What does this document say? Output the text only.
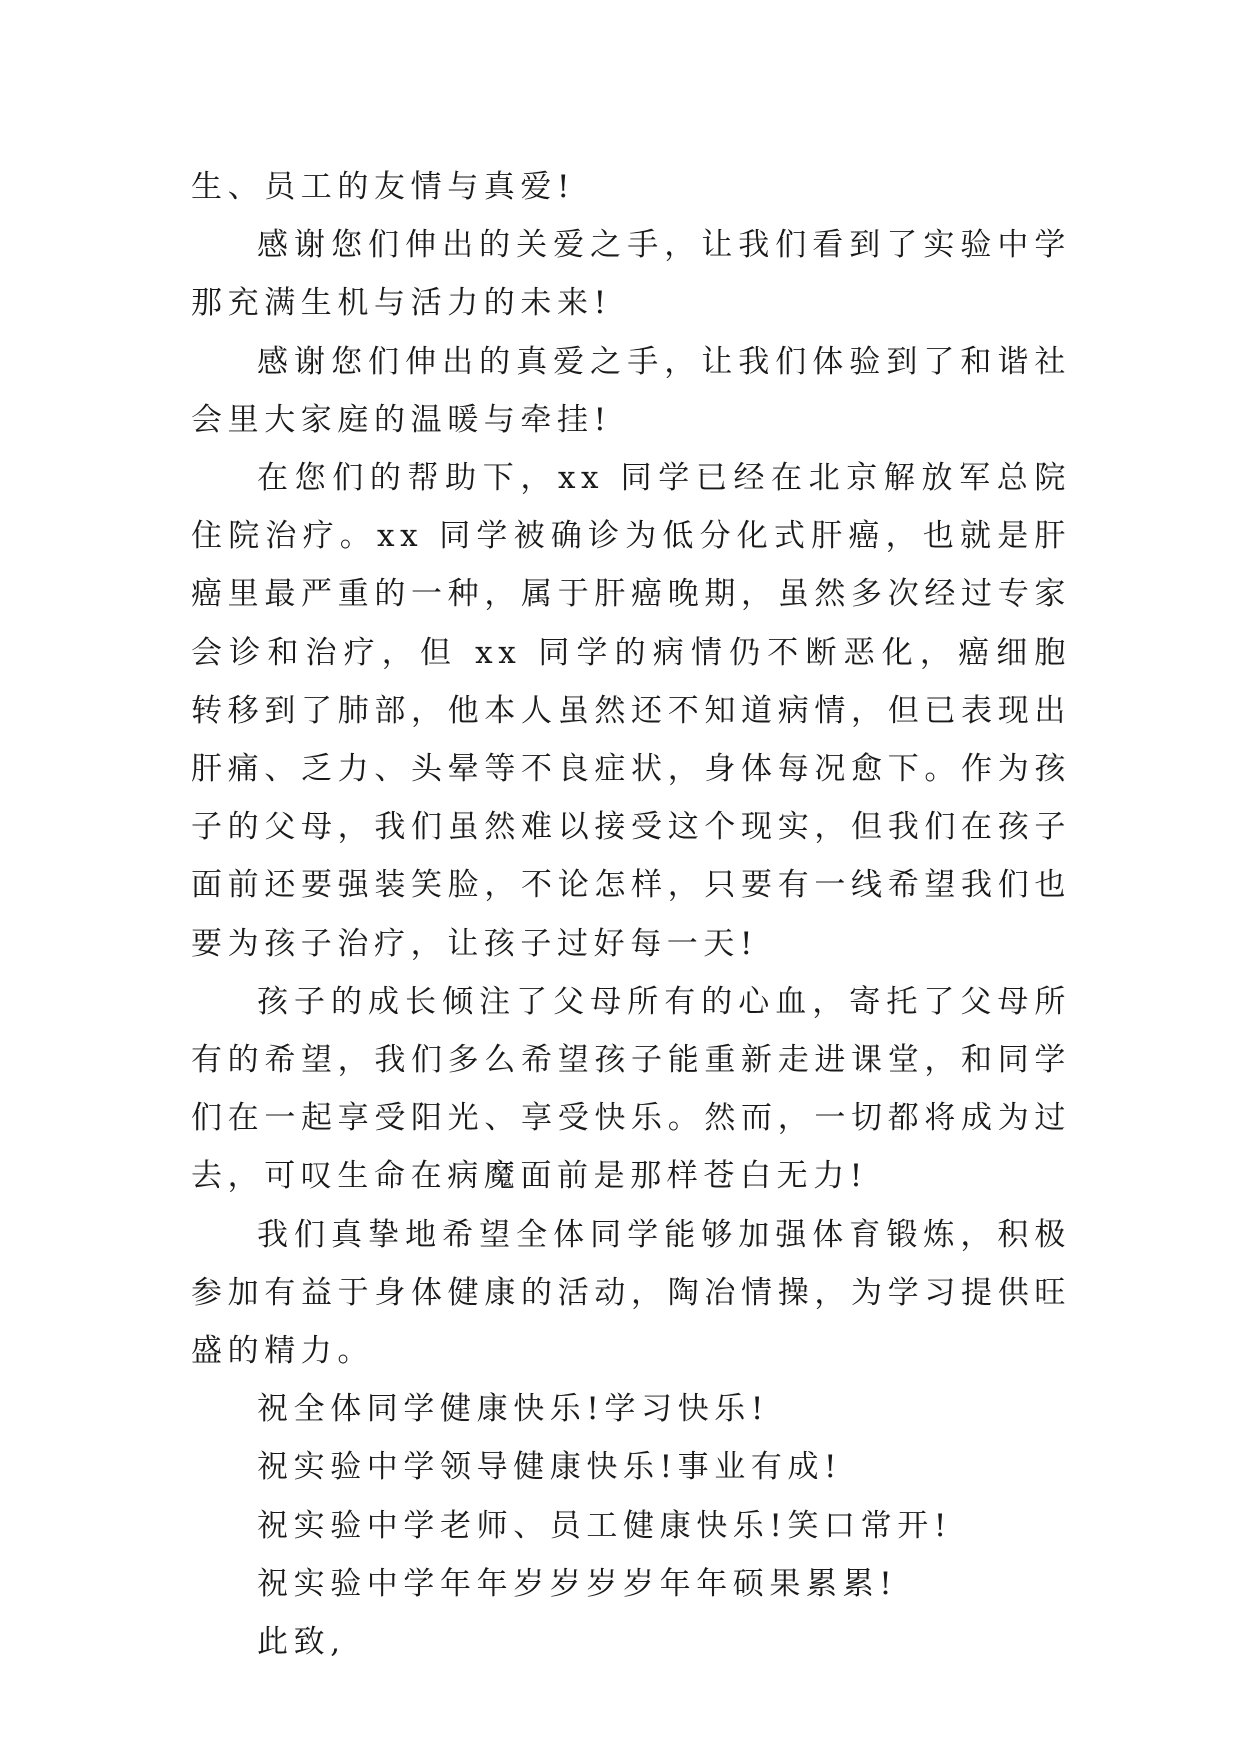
生、员工的友情与真爱!

感谢您们伸出的关爱之手，让我们看到了实验中学那充满生机与活力的未来!

感谢您们伸出的真爱之手，让我们体验到了和谐社会里大家庭的温暖与牵挂!

在您们的帮助下，xx 同学已经在北京解放军总院住院治疗。xx 同学被确诊为低分化式肝癌，也就是肝癌里最严重的一种，属于肝癌晚期，虽然多次经过专家会诊和治疗，但 xx 同学的病情仍不断恶化，癌细胞转移到了肺部，他本人虽然还不知道病情，但已表现出肝痛、乏力、头晕等不良症状，身体每况愈下。作为孩子的父母，我们虽然难以接受这个现实，但我们在孩子面前还要强装笑脸，不论怎样，只要有一线希望我们也要为孩子治疗，让孩子过好每一天!

孩子的成长倾注了父母所有的心血，寄托了父母所有的希望，我们多么希望孩子能重新走进课堂，和同学们在一起享受阳光、享受快乐。然而，一切都将成为过去，可叹生命在病魔面前是那样苍白无力!

我们真挚地希望全体同学能够加强体育锻炼，积极参加有益于身体健康的活动，陶冶情操，为学习提供旺盛的精力。

祝全体同学健康快乐!学习快乐!

祝实验中学领导健康快乐!事业有成!

祝实验中学老师、员工健康快乐!笑口常开!

祝实验中学年年岁岁岁岁年年硕果累累!

此致,
